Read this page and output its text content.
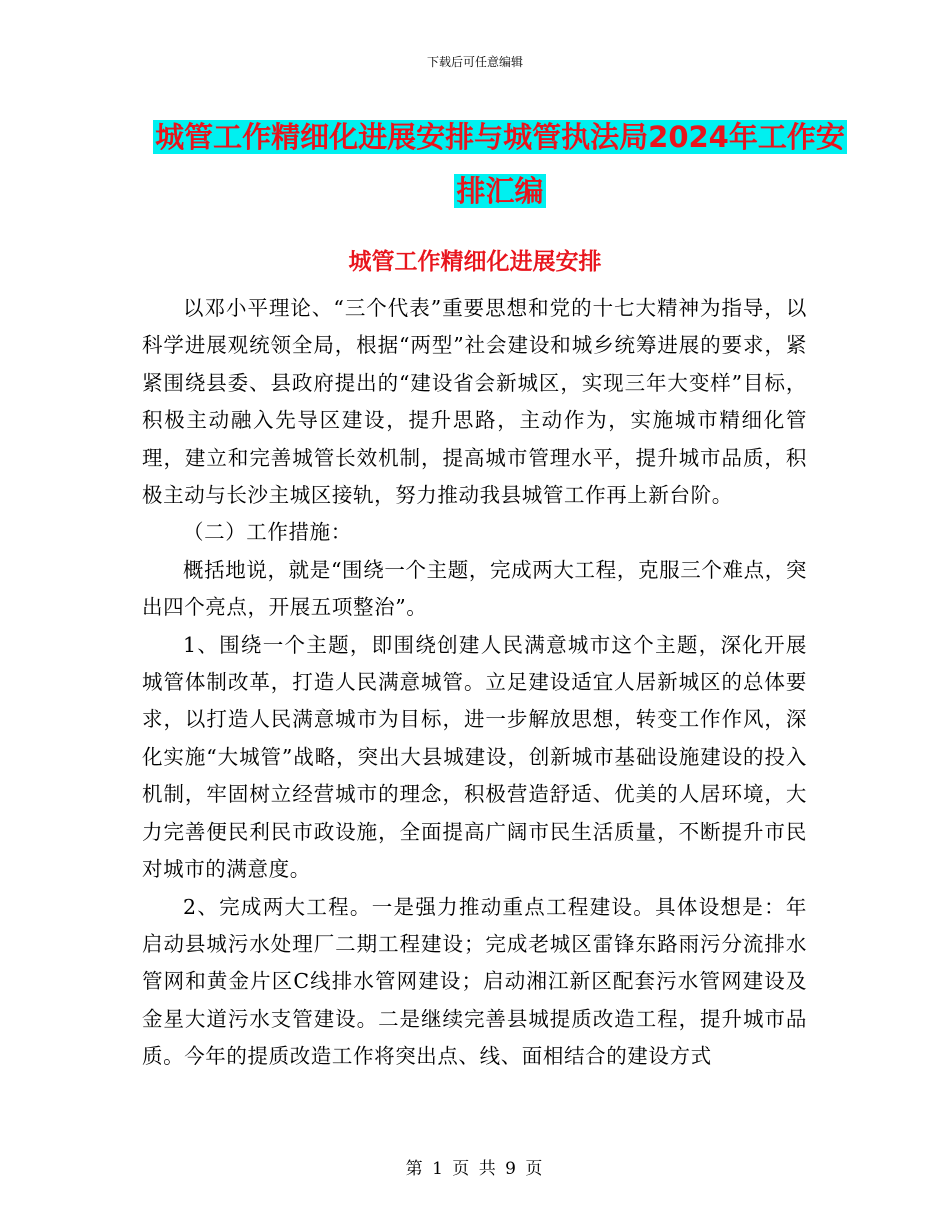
下载后可任意编辑
城管工作精细化进展安排与城管执法局2024年工作安
排汇编
城管工作精细化进展安排

以邓小平理论、“三个代表”重要思想和党的十七大精神为指导，以科学进展观统领全局，根据“两型”社会建设和城乡统筹进展的要求，紧紧围绕县委、县政府提出的“建设省会新城区，实现三年大变样”目标，积极主动融入先导区建设，提升思路，主动作为，实施城市精细化管理，建立和完善城管长效机制，提高城市管理水平，提升城市品质，积极主动与长沙主城区接轨，努力推动我县城管工作再上新台阶。

（二）工作措施：

概括地说，就是“围绕一个主题，完成两大工程，克服三个难点，突出四个亮点，开展五项整治”。

1、围绕一个主题，即围绕创建人民满意城市这个主题，深化开展城管体制改革，打造人民满意城管。立足建设适宜人居新城区的总体要求，以打造人民满意城市为目标，进一步解放思想，转变工作作风，深化实施“大城管”战略，突出大县城建设，创新城市基础设施建设的投入机制，牢固树立经营城市的理念，积极营造舒适、优美的人居环境，大力完善便民利民市政设施，全面提高广阔市民生活质量，不断提升市民对城市的满意度。

2、完成两大工程。一是强力推动重点工程建设。具体设想是：年启动县城污水处理厂二期工程建设；完成老城区雷锋东路雨污分流排水管网和黄金片区C线排水管网建设；启动湘江新区配套污水管网建设及金星大道污水支管建设。二是继续完善县城提质改造工程，提升城市品质。今年的提质改造工作将突出点、线、面相结合的建设方式

第 1 页 共 9 页
